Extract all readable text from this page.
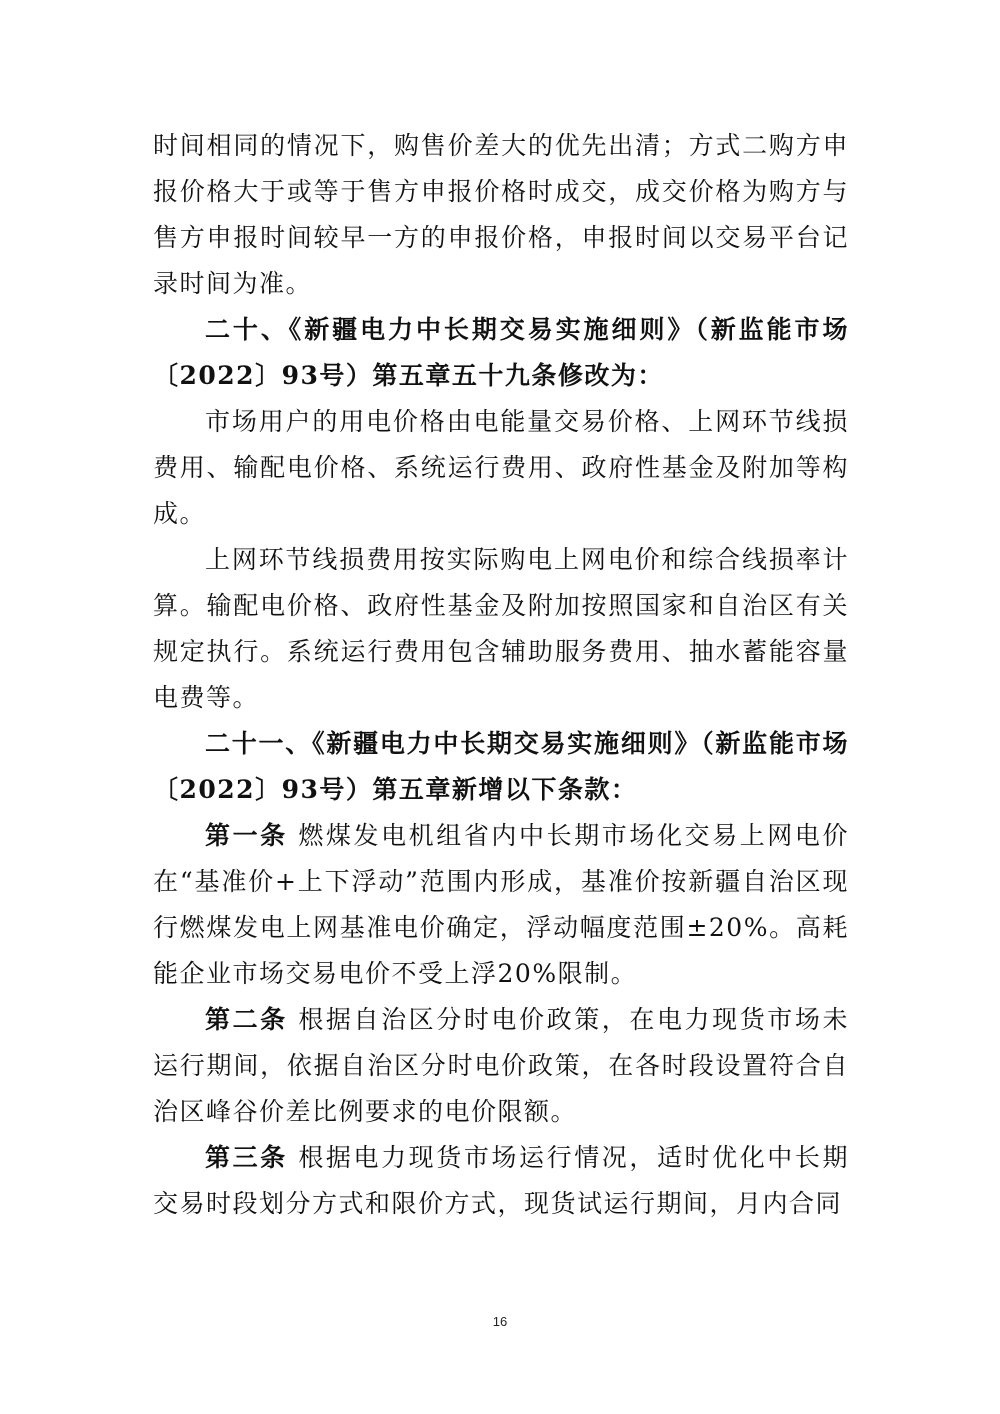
时间相同的情况下，购售价差大的优先出清；方式二购方申报价格大于或等于售方申报价格时成交，成交价格为购方与售方申报时间较早一方的申报价格，申报时间以交易平台记录时间为准。

二十、《新疆电力中长期交易实施细则》（新监能市场〔2022〕93号）第五章五十九条修改为：

市场用户的用电价格由电能量交易价格、上网环节线损费用、输配电价格、系统运行费用、政府性基金及附加等构成。

上网环节线损费用按实际购电上网电价和综合线损率计算。输配电价格、政府性基金及附加按照国家和自治区有关规定执行。系统运行费用包含辅助服务费用、抽水蓄能容量电费等。

二十一、《新疆电力中长期交易实施细则》（新监能市场〔2022〕93号）第五章新增以下条款：

第一条 燃煤发电机组省内中长期市场化交易上网电价在“基准价+上下浮动”范围内形成，基准价按新疆自治区现行燃煤发电上网基准电价确定，浮动幅度范围±20%。高耗能企业市场交易电价不受上浮20%限制。

第二条 根据自治区分时电价政策，在电力现货市场未运行期间，依据自治区分时电价政策，在各时段设置符合自治区峰谷价差比例要求的电价限额。

第三条 根据电力现货市场运行情况，适时优化中长期交易时段划分方式和限价方式，现货试运行期间，月内合同

16
